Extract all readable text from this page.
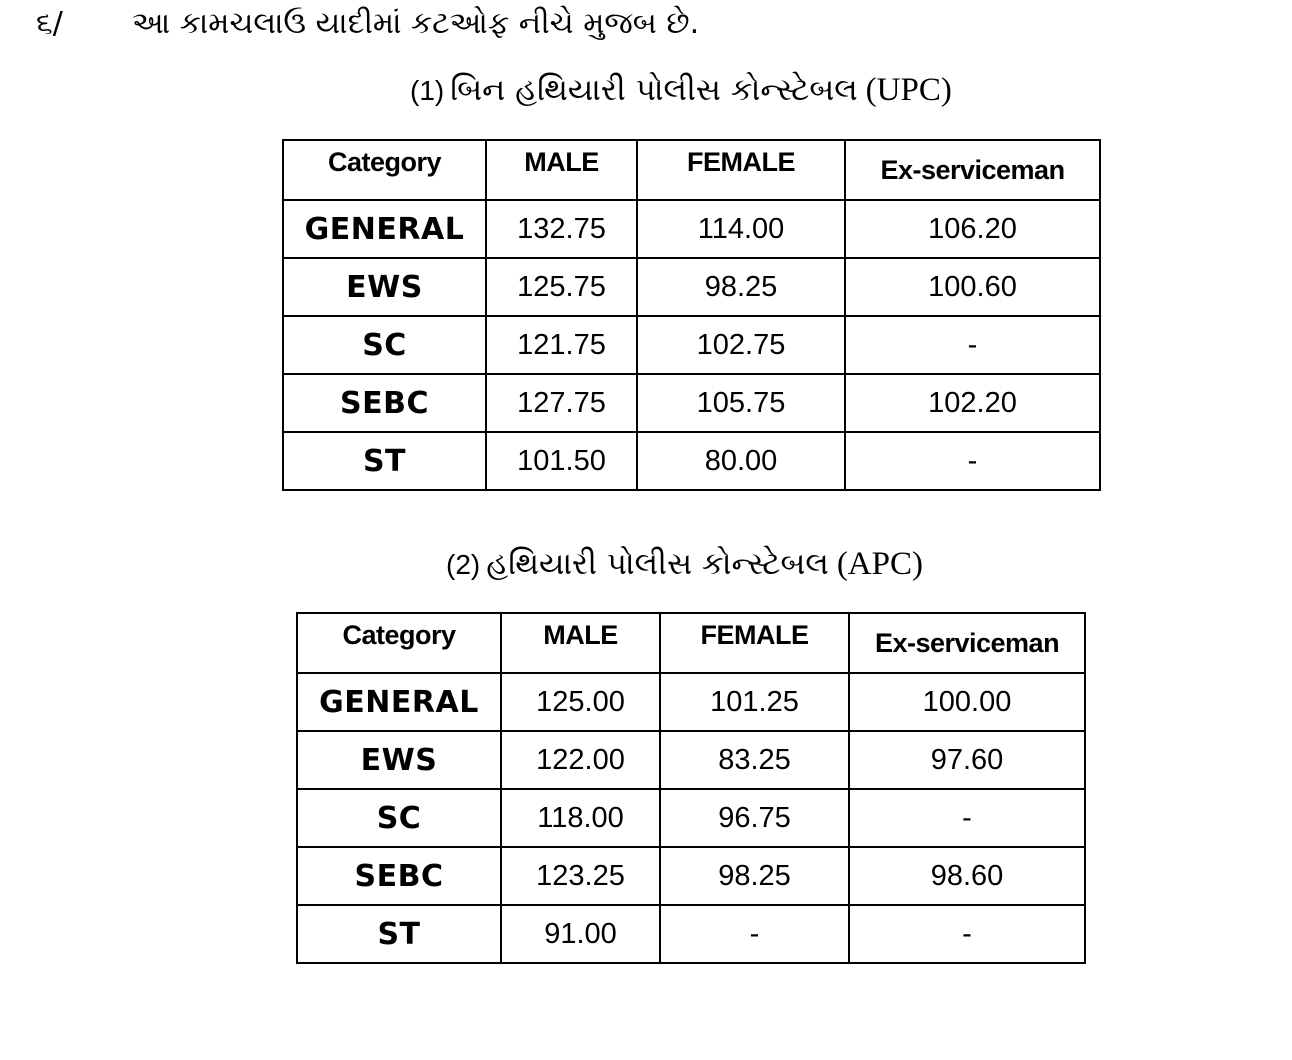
૬/ આ કામચલાઉ યાદીમાં કટઓફ નીચે મુજબ છે.
(1) બિન હથિયારી પોલીસ કોન્સ્ટેબલ (UPC)
Category	MALE	FEMALE	Ex-serviceman
GENERAL	132.75	114.00	106.20
EWS	125.75	98.25	100.60
SC	121.75	102.75	-
SEBC	127.75	105.75	102.20
ST	101.50	80.00	-
(2) હથિયારી પોલીસ કોન્સ્ટેબલ (APC)
Category	MALE	FEMALE	Ex-serviceman
GENERAL	125.00	101.25	100.00
EWS	122.00	83.25	97.60
SC	118.00	96.75	-
SEBC	123.25	98.25	98.60
ST	91.00	-	-
